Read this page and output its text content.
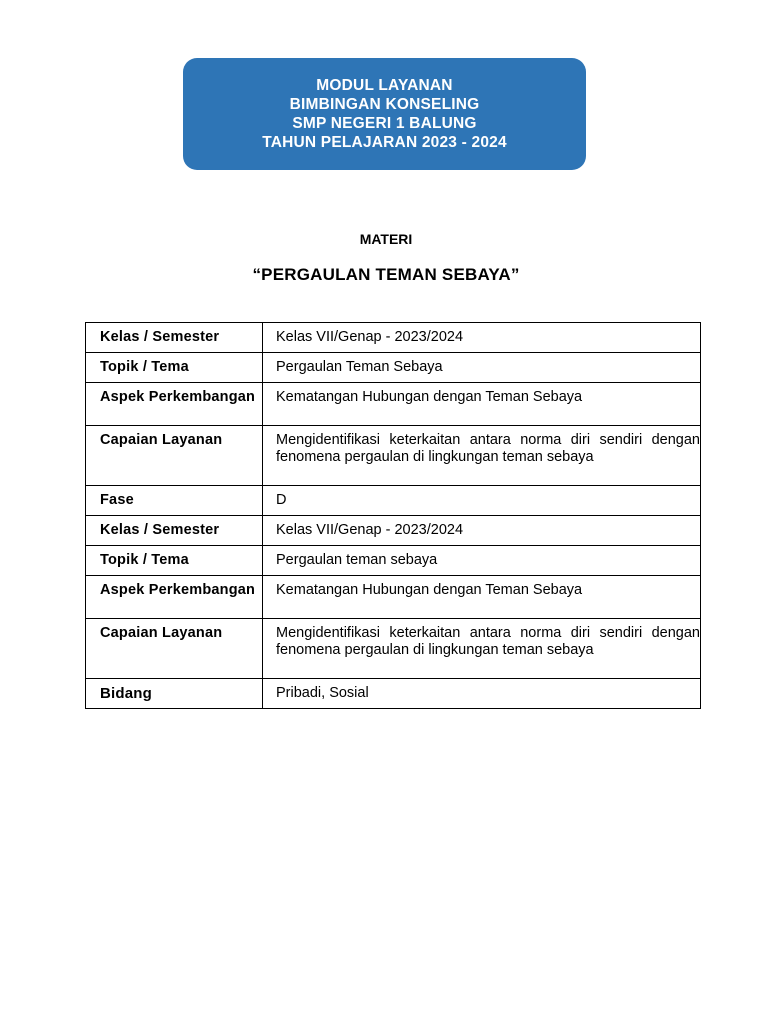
MODUL LAYANAN
BIMBINGAN KONSELING
SMP NEGERI 1 BALUNG
TAHUN PELAJARAN 2023 - 2024
MATERI
“PERGAULAN TEMAN SEBAYA”
Kelas / Semester	Kelas VII/Genap - 2023/2024
Topik / Tema	Pergaulan Teman Sebaya
Aspek Perkembangan	Kematangan Hubungan dengan Teman Sebaya
Capaian Layanan	Mengidentifikasi keterkaitan antara norma diri sendiri dengan fenomena pergaulan di lingkungan teman sebaya
Fase	D
Kelas / Semester	Kelas VII/Genap - 2023/2024
Topik / Tema	Pergaulan teman sebaya
Aspek Perkembangan	Kematangan Hubungan dengan Teman Sebaya
Capaian Layanan	Mengidentifikasi keterkaitan antara norma diri sendiri dengan fenomena pergaulan di lingkungan teman sebaya
Bidang	Pribadi, Sosial
